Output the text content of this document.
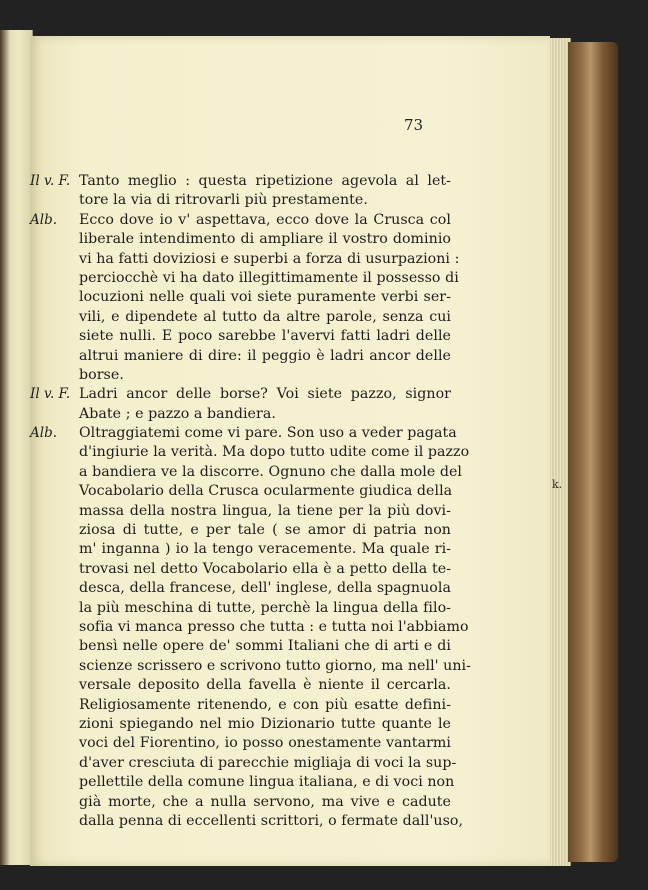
k.
73
Il v. F. Tanto meglio : questa ripetizione agevola al let-
tore la via di ritrovarli più prestamente.
Alb.	Ecco dove io v' aspettava, ecco dove la Crusca col
liberale intendimento di ampliare il vostro dominio
vi ha fatti doviziosi e superbi a forza di usurpazioni :
perciocchè vi ha dato illegittimamente il possesso di
locuzioni nelle quali voi siete puramente verbi ser-
vili, e dipendete al tutto da altre parole, senza cui
siete nulli. E poco sarebbe l'avervi fatti ladri delle
altrui maniere di dire: il peggio è ladri ancor delle
borse.
Il v. F. Ladri ancor delle borse? Voi siete pazzo, signor
Abate ; e pazzo a bandiera.
Alb.	Oltraggiatemi come vi pare. Son uso a veder pagata
d'ingiurie la verità. Ma dopo tutto udite come il pazzo
a bandiera ve la discorre. Ognuno che dalla mole del
Vocabolario della Crusca ocularmente giudica della
massa della nostra lingua, la tiene per la più dovi-
ziosa di tutte, e per tale ( se amor di patria non
m' inganna ) io la tengo veracemente. Ma quale ri-
trovasi nel detto Vocabolario ella è a petto della te-
desca, della francese, dell' inglese, della spagnuola
la più meschina di tutte, perchè la lingua della filo-
sofia vi manca presso che tutta : e tutta noi l'abbiamo
bensì nelle opere de' sommi Italiani che di arti e di
scienze scrissero e scrivono tutto giorno, ma nell' uni-
versale deposito della favella è niente il cercarla.
Religiosamente ritenendo, e con più esatte defini-
zioni spiegando nel mio Dizionario tutte quante le
voci del Fiorentino, io posso onestamente vantarmi
d'aver cresciuta di parecchie migliaja di voci la sup-
pellettile della comune lingua italiana, e di voci non
già morte, che a nulla servono, ma vive e cadute
dalla penna di eccellenti scrittori, o fermate dall'uso,
